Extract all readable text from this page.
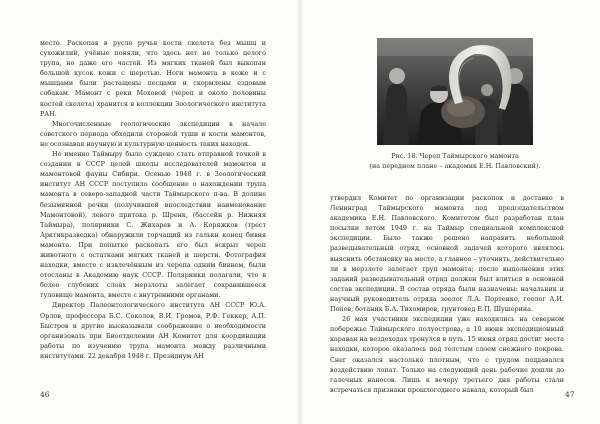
место. Раскопав в русле ручья кости скелета без мышц и сухожилий, учёные поняли, что здесь нет не только целого трупа, но даже его частей. Из мягких тканей был выкопан большой кусок кожи с шерстью. Ноги мамонта в коже и с мышцами были растащены песцами и скормлены ездовым собакам. Мамонт с реки Моховой (череп и около половины костей скелета) хранится в коллекции Зоологического института РАН.

Многочисленные геологические экспедиции в начале советского периода обходили стороной туши и кости мамонтов, не осознавая научную и культурную ценность таких находок.

Но именно Таймыру было суждено стать отправной точкой в создании в СССР целой школы исследователей мамонтов и мамонтовой фауны Сибири. Осенью 1948 г. в Зоологический институт АН СССР поступило сообщение о нахождении трупа мамонта в северо-западной части Таймырского п-ва. В долине безымянной речки (получившей впоследствии наименование Мамонтовой), левого притока р. Шренк, (бассейн р. Нижняя Таймыра), полярники С. Жихарев и А. Коряжков (трест Арктикразведка) обнаружили торчащий из галькн конец бивня мамонта. При попытке раскопать его был вскрыт череп животного с остатками мягких тканей и шерсти. Фотография находки, вместе с извлечённым из черепа одним бивнем, были отосланы в Академию наук СССР. Полярники полагали, что в более глубоких слоях мерзлоты залегает сохранившееся туловище мамонта, вместе с внутренними органами.

Директор Палеонтологического института АН СССР Ю.А. Орлов, профессора Б.С. Соколов, В.И. Громов, Р.Ф. Геккер, А.П. Быстров и другие высказывали соображение о необходимости организовать при Биоотделении АН Комитет для координации работы по изучению трупа мамонта между различными институтами. 22 декабря 1948 г. Президиум АН

46
Рис. 18. Череп Таймырского мамонта
(на переднем плане – академик Е.Н. Павловский).

утвердил Комитет по организации раскопок и доставке в Ленинград Таймырского мамонта под председательством академика Е.Н. Павловского. Комитетом был разработан план посылки летом 1949 г. на Таймыр специальной комплексной экспедиции. Было также решено направить небольшой разведывательный отряд, основной задачей которого являлось выяснить обстановку на месте, а главное – уточнить, действительно ли в мерзлоте залегает труп мамонта; после выполнения этих заданий разведывательный отряд должен был влиться в основной состав экспедиции. В состав отряда были назначены: начальник и научный руководитель отряда зоолог Л.А. Портенко, геолог А.И. Попов, ботаник Б.А. Тихомиров, грунтовед Е.П. Шушерина.

26 мая участники экспедиции уже находились на северном побережье Таймырского полуострова, а 10 июня экспедиционный караван на вездеходах тронулся в путь. 15 июня отряд достиг места находки, которое оказалось под толстым слоем снежного покрова. Снег оказался настолько плотным, что с трудом поддавался воздействию лопат. Только на следующий день рабочие дошли до галечных наносов. Лишь к вечеру третьего дня работы стали встречаться признаки прошлогоднего навала, который был

47
